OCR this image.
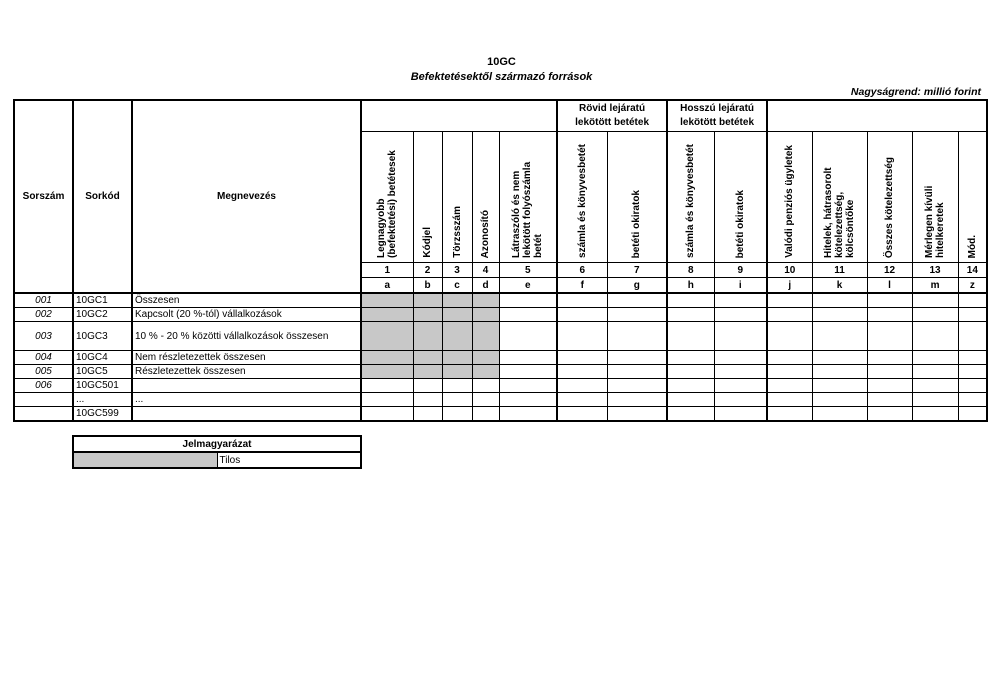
10GC
Befektetésektől származó források
Nagyságrend: millió forint
Sorszám	Sorkód	Megnevezés						Rövid lejáratú lekötött betétek		Hosszú lejáratú lekötött betétek						

			Legnagyobb (befektetési) betétesek	Kódjel	Törzsszám	Azonosító	Látraszóló és nem lekötött folyószámla betét	számla és könyvesbetét	betéti okiratok	számla és könyvesbetét	betéti okiratok	Valódi penziós ügyletek	Hitelek, hátrasorolt kötelezettség, kölcsöntőke	Összes kötelezettség	Mérlegen kívüli hitelkeretek	Mód.

			1	2	3	4	5	6	7	8	9	10	11	12	13	14
			a	b	c	d	e	f	g	h	i	j	k	l	m	z
001	10GC1	Összesen														
002	10GC2	Kapcsolt (20 %-tól) vállalkozások														
003	10GC3	10 % - 20 % közötti vállalkozások összesen														
004	10GC4	Nem részletezettek összesen														
005	10GC5	Részletezettek összesen														
006	10GC501															
	...	...														
	10GC599															
Jelmagyarázat
	Tilos
